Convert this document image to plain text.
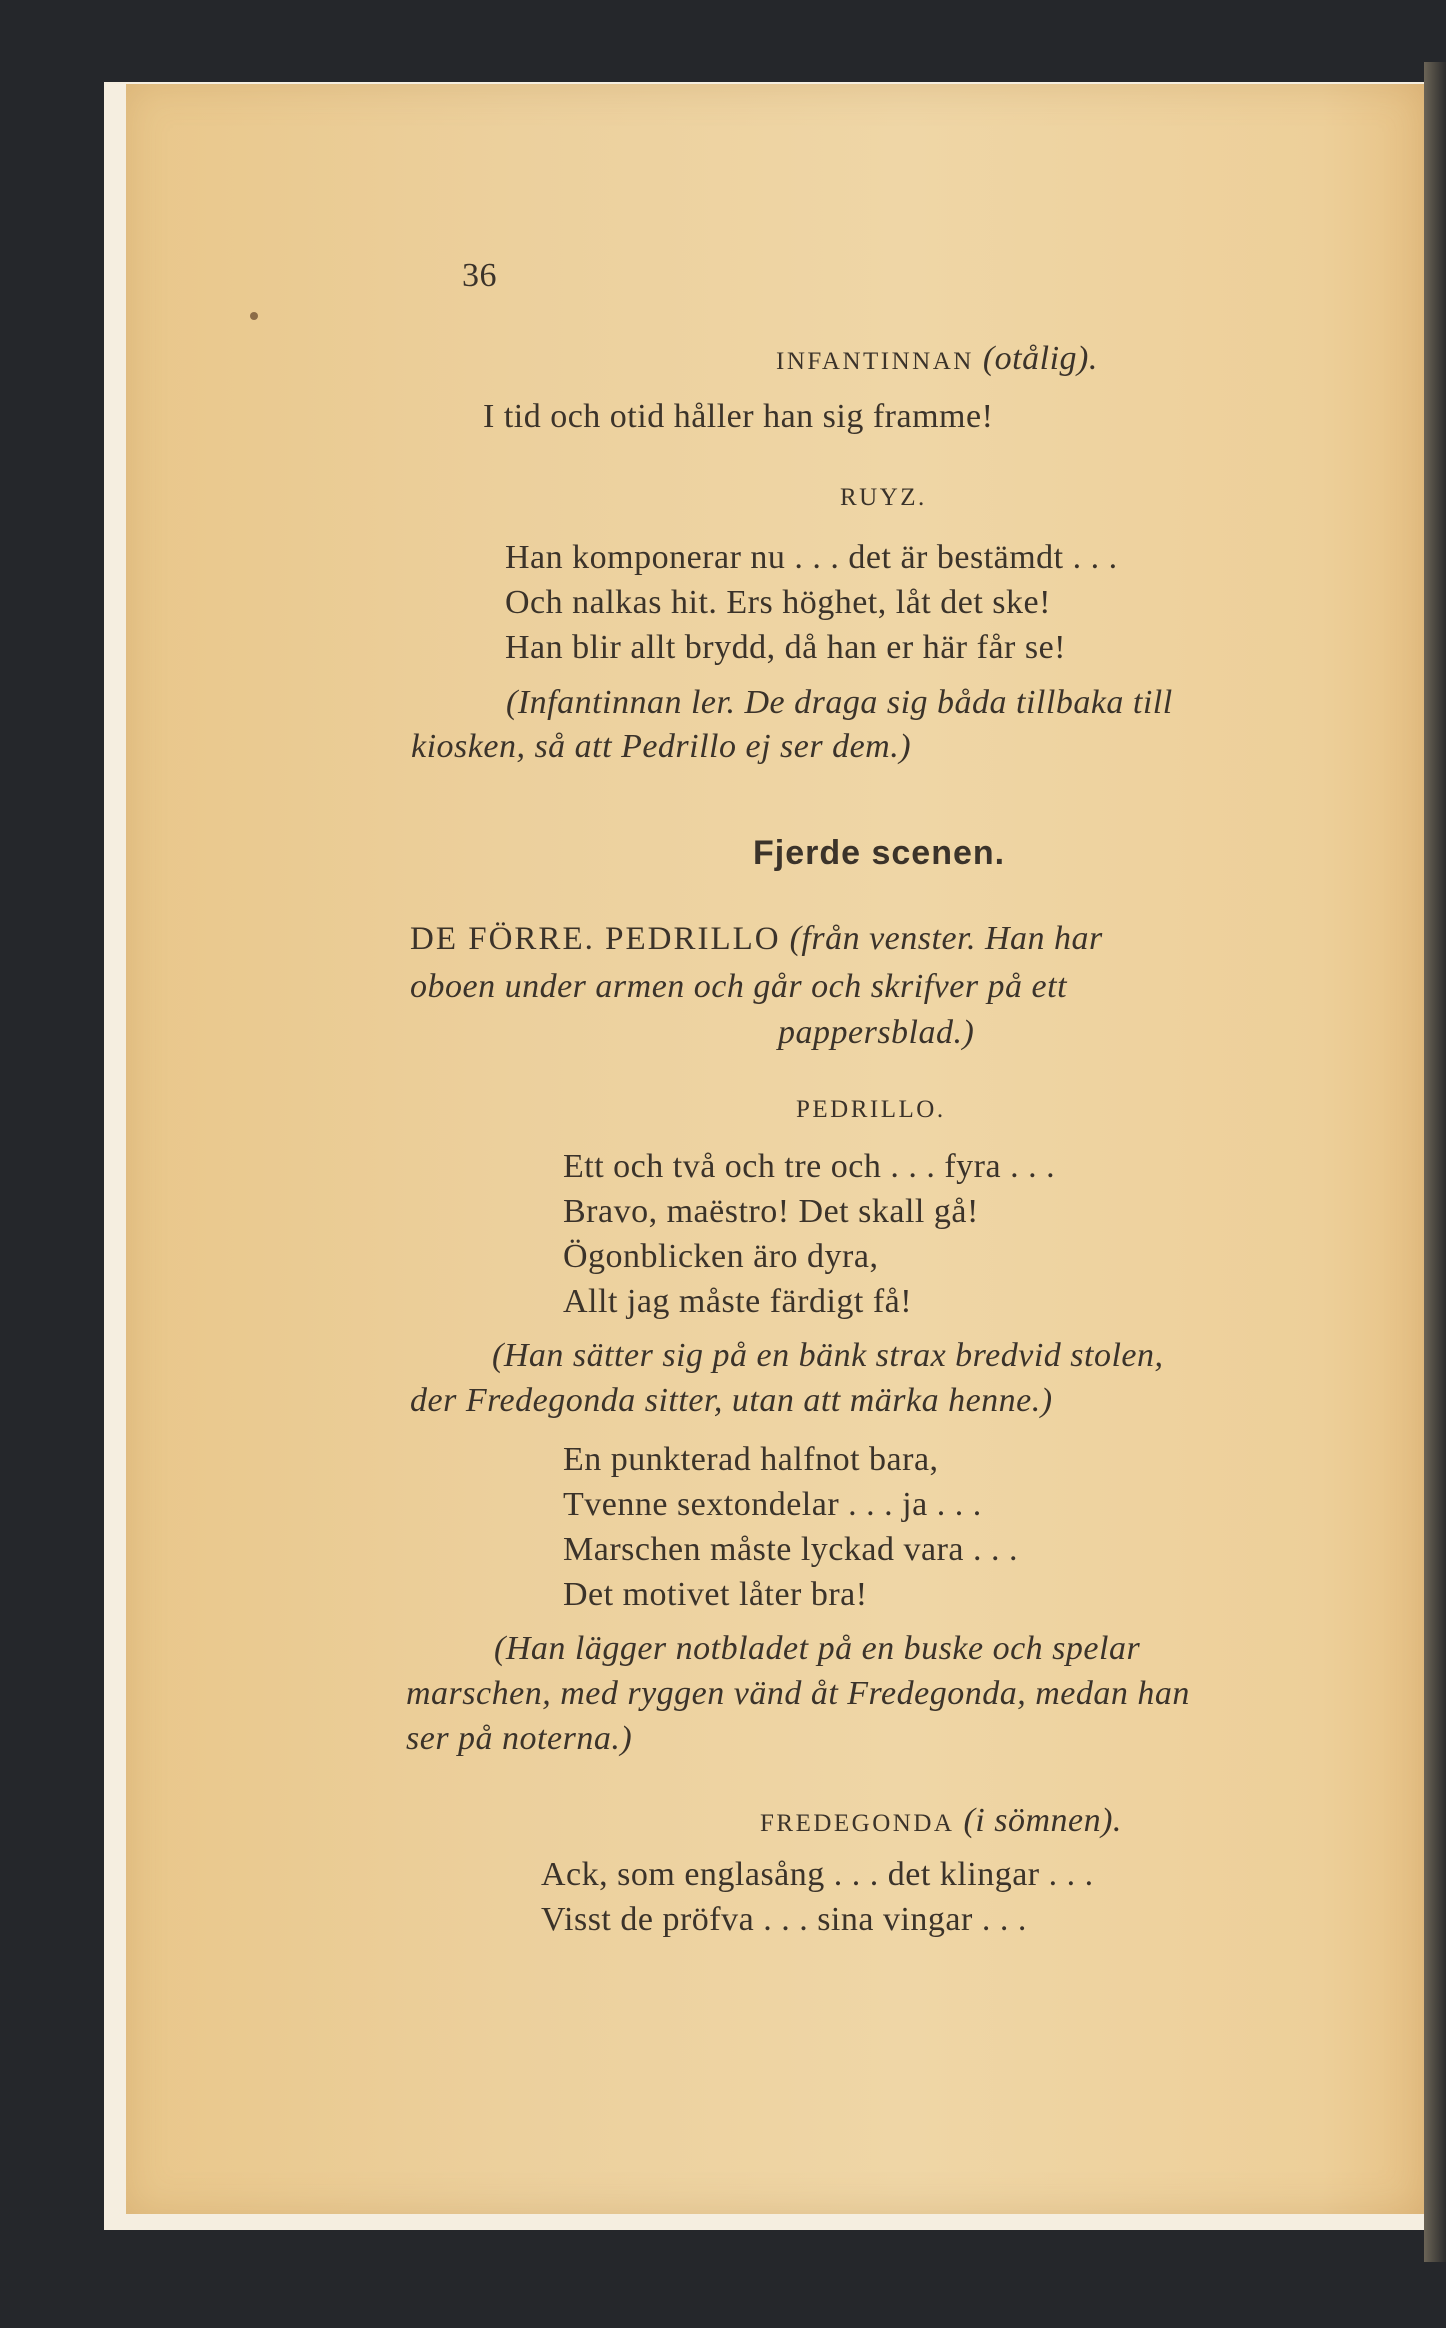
36
INFANTINNAN (otålig).
I tid och otid håller han sig framme!
RUYZ.
Han komponerar nu . . . det är bestämdt . . .
Och nalkas hit. Ers höghet, låt det ske!
Han blir allt brydd, då han er här får se!
(Infantinnan ler. De draga sig båda tillbaka till
kiosken, så att Pedrillo ej ser dem.)
Fjerde scenen.
DE FÖRRE. PEDRILLO (från venster. Han har
oboen under armen och går och skrifver på ett
pappersblad.)
PEDRILLO.
Ett och två och tre och . . . fyra . . .
Bravo, maëstro! Det skall gå!
Ögonblicken äro dyra,
Allt jag måste färdigt få!
(Han sätter sig på en bänk strax bredvid stolen,
der Fredegonda sitter, utan att märka henne.)
En punkterad halfnot bara,
Tvenne sextondelar . . . ja . . .
Marschen måste lyckad vara . . .
Det motivet låter bra!
(Han lägger notbladet på en buske och spelar
marschen, med ryggen vänd åt Fredegonda, medan han
ser på noterna.)
FREDEGONDA (i sömnen).
Ack, som englasång . . . det klingar . . .
Visst de pröfva . . . sina vingar . . .
